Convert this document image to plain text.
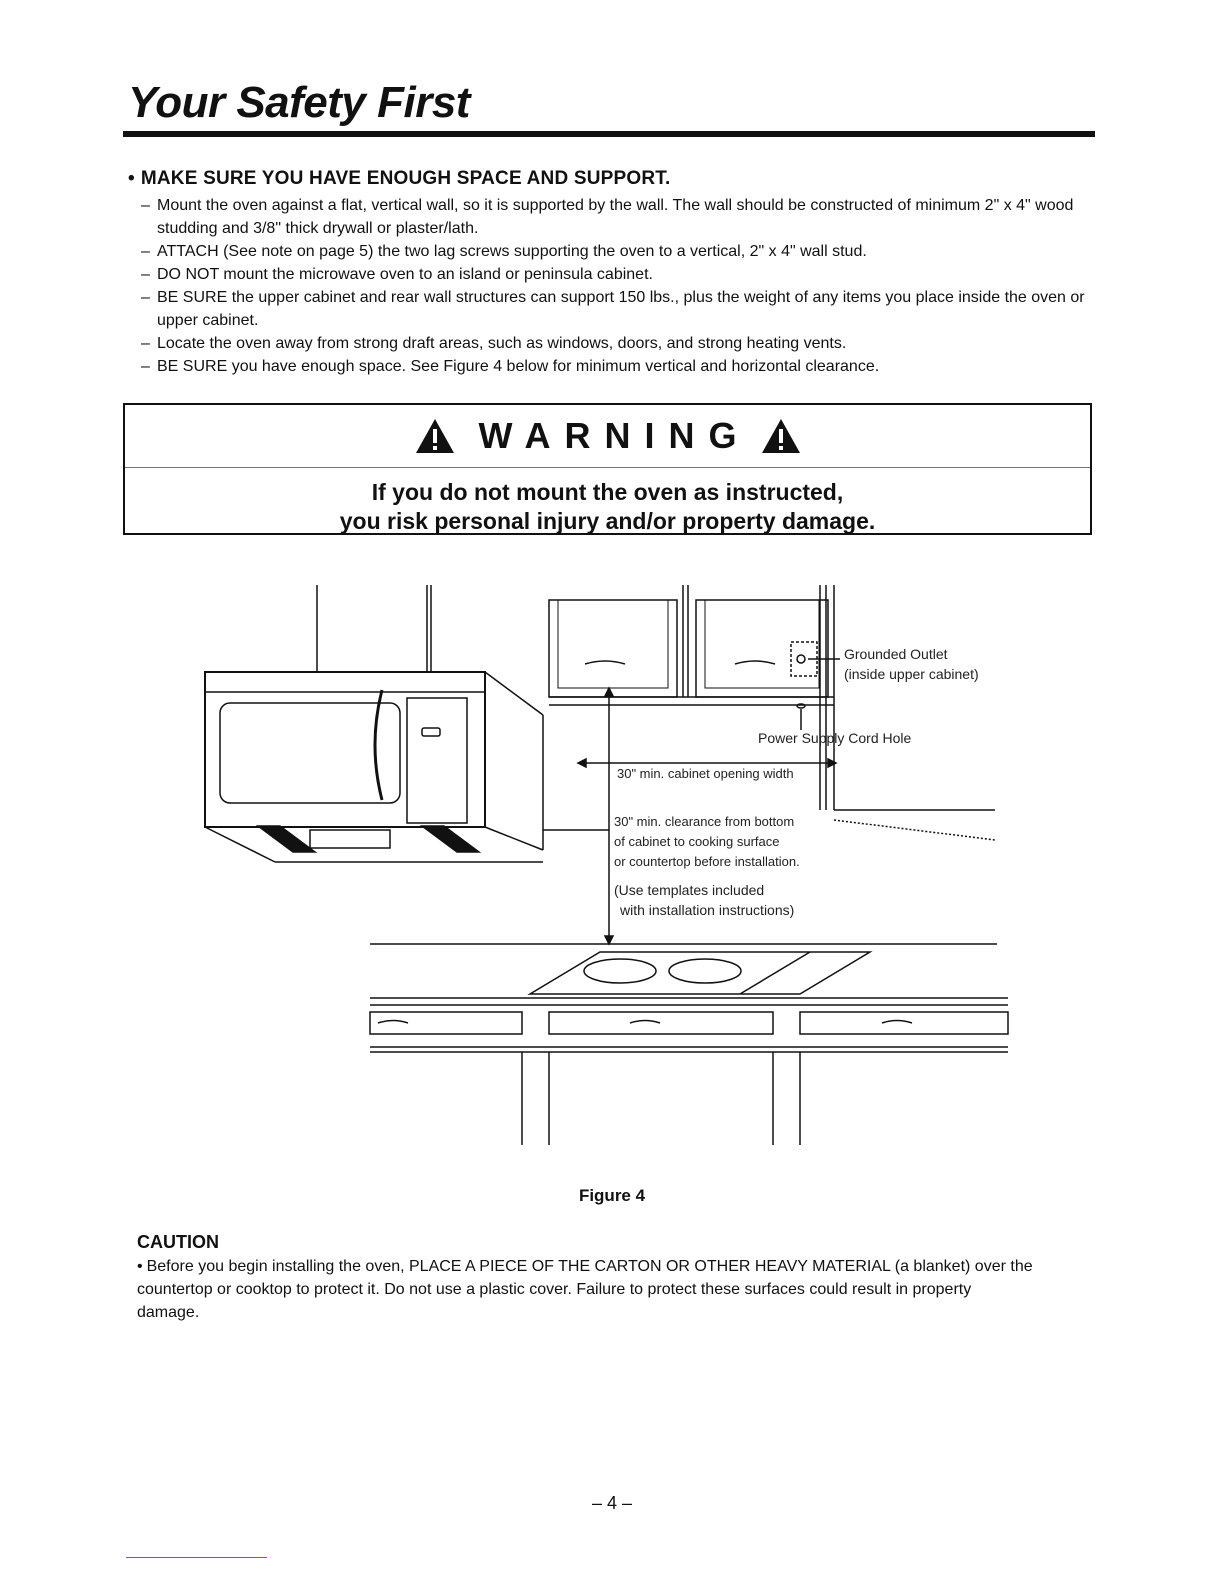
Your Safety First
• MAKE SURE YOU HAVE ENOUGH SPACE AND SUPPORT.
– Mount the oven against a flat, vertical wall, so it is supported by the wall. The wall should be constructed of minimum 2" x 4" wood studding and 3/8" thick drywall or plaster/lath.
– ATTACH (See note on page 5) the two lag screws supporting the oven to a vertical, 2" x 4" wall stud.
– DO NOT mount the microwave oven to an island or peninsula cabinet.
– BE SURE the upper cabinet and rear wall structures can support 150 lbs., plus the weight of any items you place inside the oven or upper cabinet.
– Locate the oven away from strong draft areas, such as windows, doors, and strong heating vents.
– BE SURE you have enough space. See Figure 4 below for minimum vertical and horizontal clearance.
WARNING
If you do not mount the oven as instructed,
you risk personal injury and/or property damage.
Grounded Outlet
(inside upper cabinet)
Power Supply Cord Hole
30" min. cabinet opening width
30" min. clearance from bottom
of cabinet to cooking surface
or countertop before installation.
(Use templates included
with installation instructions)
Figure 4
CAUTION

• Before you begin installing the oven, PLACE A PIECE OF THE CARTON OR OTHER HEAVY MATERIAL (a blanket) over the countertop or cooktop to protect it. Do not use a plastic cover. Failure to protect these surfaces could result in property damage.

– 4 –
